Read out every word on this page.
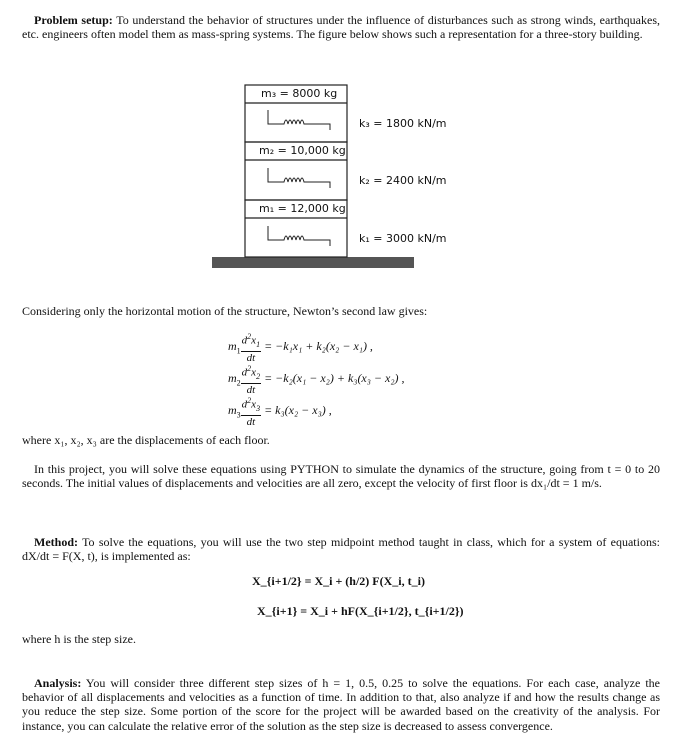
Problem setup: To understand the behavior of structures under the influence of disturbances such as strong winds, earthquakes, etc. engineers often model them as mass-spring systems. The figure below shows such a representation for a three-story building.
m₃ = 8000 kg
m₂ = 10,000 kg
m₁ = 12,000 kg
k₃ = 1800 kN/m
k₂ = 2400 kN/m
k₁ = 3000 kN/m
Considering only the horizontal motion of the structure, Newton’s second law gives:
$m_1 \frac{d^2x_1}{dt} = -k_1x_1 + k_2(x_2 - x_1)$ ,
$m_2 \frac{d^2x_2}{dt} = -k_2(x_1 - x_2) + k_3(x_3 - x_2)$ ,
$m_3 \frac{d^2x_3}{dt} = k_3(x_2 - x_3)$ ,
where x₁, x₂, x₃ are the displacements of each floor.
In this project, you will solve these equations using PYTHON to simulate the dynamics of the structure, going from t = 0 to 20 seconds. The initial values of displacements and velocities are all zero, except the velocity of first floor is dx₁/dt = 1 m/s.
Method: To solve the equations, you will use the two step midpoint method taught in class, which for a system of equations: dX/dt = F(X, t), is implemented as:
X_{i+1/2} = X_i + (h/2) F(X_i, t_i)
X_{i+1} = X_i + hF(X_{i+1/2}, t_{i+1/2})
where h is the step size.
Analysis: You will consider three different step sizes of h = 1, 0.5, 0.25 to solve the equations. For each case, analyze the behavior of all displacements and velocities as a function of time. In addition to that, also analyze if and how the results change as you reduce the step size. Some portion of the score for the project will be awarded based on the creativity of the analysis. For instance, you can calculate the relative error of the solution as the step size is decreased to assess convergence.
